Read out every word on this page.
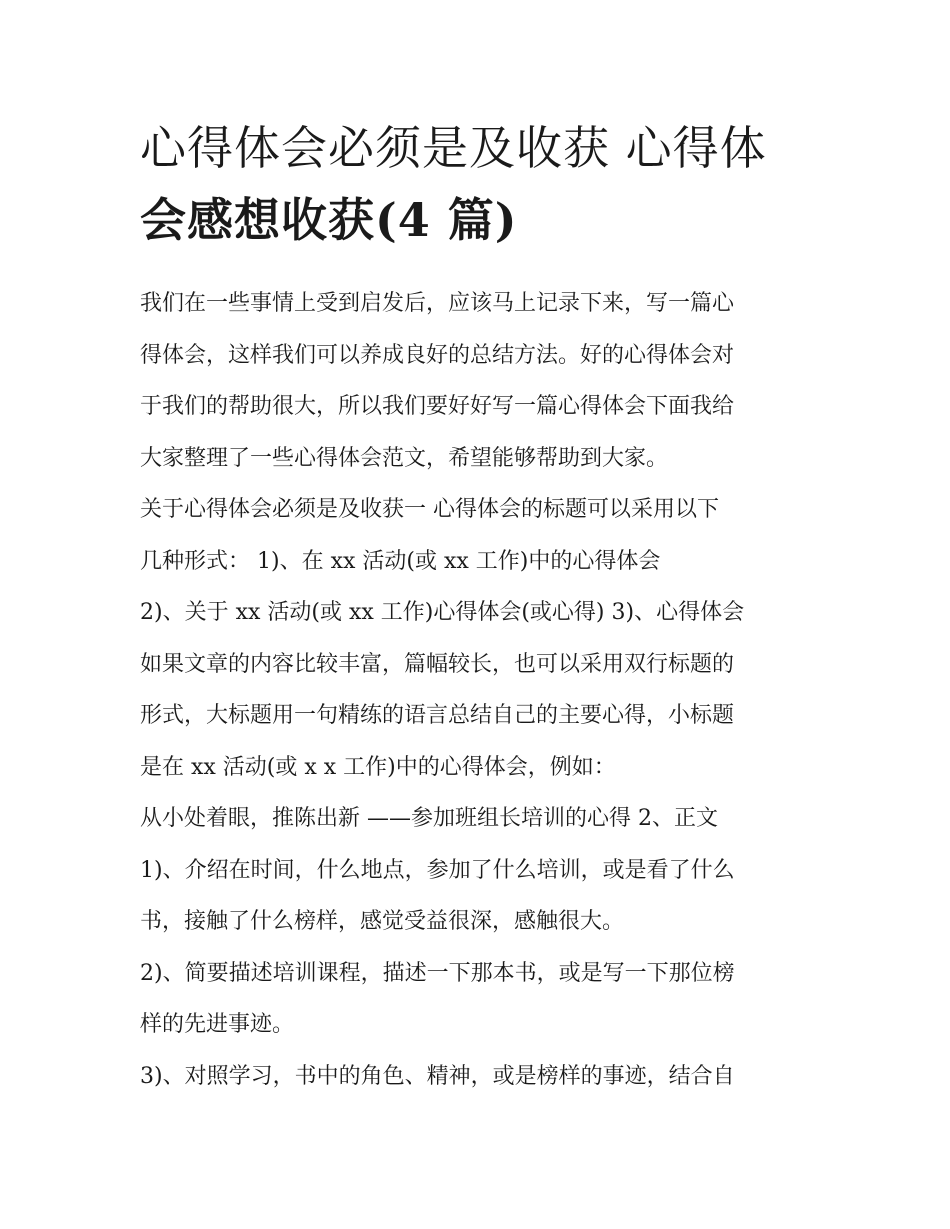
心得体会必须是及收获 心得体
会感想收获(4 篇)

我们在一些事情上受到启发后，应该马上记录下来，写一篇心

得体会，这样我们可以养成良好的总结方法。好的心得体会对

于我们的帮助很大，所以我们要好好写一篇心得体会下面我给

大家整理了一些心得体会范文，希望能够帮助到大家。

关于心得体会必须是及收获一 心得体会的标题可以采用以下

几种形式： 1)、在 xx 活动(或 xx 工作)中的心得体会

2)、关于 xx 活动(或 xx 工作)心得体会(或心得) 3)、心得体会

如果文章的内容比较丰富，篇幅较长，也可以采用双行标题的

形式，大标题用一句精练的语言总结自己的主要心得，小标题

是在 xx 活动(或 x x 工作)中的心得体会，例如：

从小处着眼，推陈出新 ——参加班组长培训的心得 2、正文

1)、介绍在时间，什么地点，参加了什么培训，或是看了什么

书，接触了什么榜样，感觉受益很深，感触很大。

2)、简要描述培训课程，描述一下那本书，或是写一下那位榜

样的先进事迹。

3)、对照学习，书中的角色、精神，或是榜样的事迹，结合自
